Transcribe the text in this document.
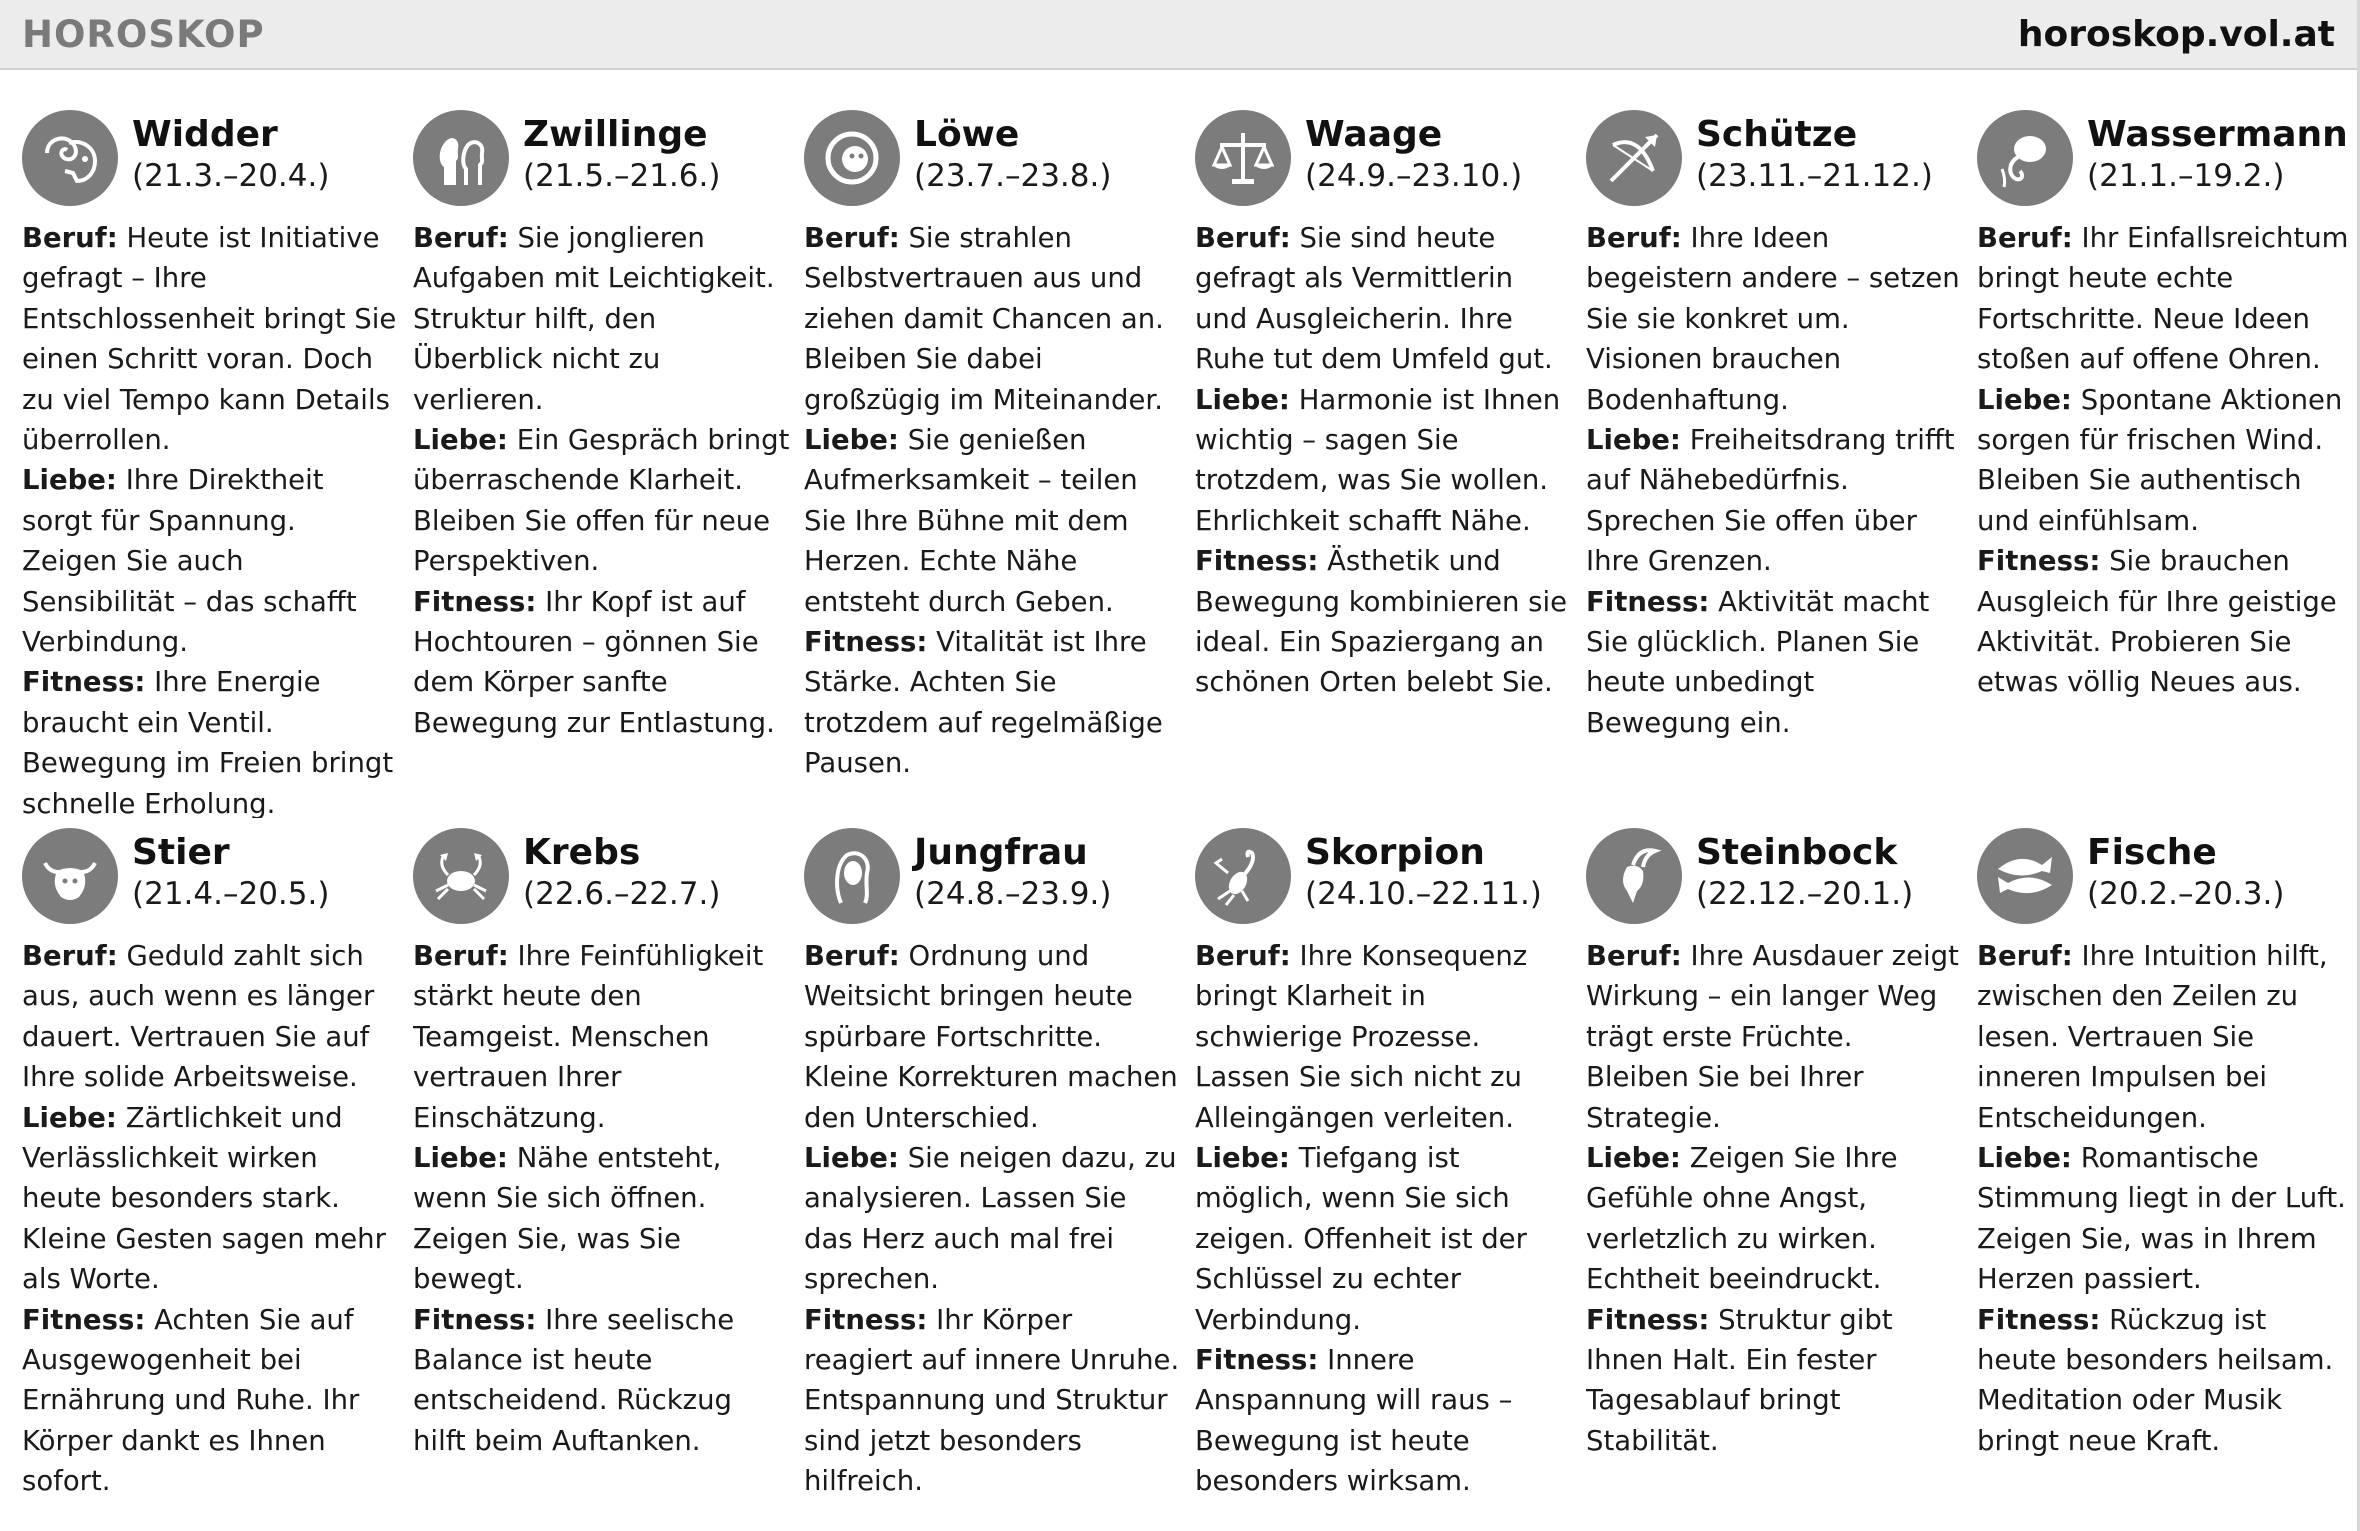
HOROSKOP	horoskop.vol.at
Widder
(21.3.–20.4.)

Beruf: Heute ist Initiative gefragt – Ihre Entschlossenheit bringt Sie einen Schritt voran. Doch zu viel Tempo kann Details überrollen.

Liebe: Ihre Direktheit sorgt für Spannung. Zeigen Sie auch Sensibilität – das schafft Verbindung.

Fitness: Ihre Energie braucht ein Ventil. Bewegung im Freien bringt schnelle Erholung.

Zwillinge
(21.5.–21.6.)

Beruf: Sie jonglieren Aufgaben mit Leichtigkeit. Struktur hilft, den Überblick nicht zu verlieren.

Liebe: Ein Gespräch bringt überraschende Klarheit. Bleiben Sie offen für neue Perspektiven.

Fitness: Ihr Kopf ist auf Hochtouren – gönnen Sie dem Körper sanfte Bewegung zur Entlastung.

Löwe
(23.7.–23.8.)

Beruf: Sie strahlen Selbstvertrauen aus und ziehen damit Chancen an. Bleiben Sie dabei großzügig im Miteinander.

Liebe: Sie genießen Aufmerksamkeit – teilen Sie Ihre Bühne mit dem Herzen. Echte Nähe entsteht durch Geben.

Fitness: Vitalität ist Ihre Stärke. Achten Sie trotzdem auf regelmäßige Pausen.

Waage
(24.9.–23.10.)

Beruf: Sie sind heute gefragt als Vermittlerin und Ausgleicherin. Ihre Ruhe tut dem Umfeld gut.

Liebe: Harmonie ist Ihnen wichtig – sagen Sie trotzdem, was Sie wollen. Ehrlichkeit schafft Nähe.

Fitness: Ästhetik und Bewegung kombinieren sie ideal. Ein Spaziergang an schönen Orten belebt Sie.

Schütze
(23.11.–21.12.)

Beruf: Ihre Ideen begeistern andere – setzen Sie sie konkret um. Visionen brauchen Bodenhaftung.

Liebe: Freiheitsdrang trifft auf Nähebedürfnis. Sprechen Sie offen über Ihre Grenzen.

Fitness: Aktivität macht Sie glücklich. Planen Sie heute unbedingt Bewegung ein.

Wassermann
(21.1.–19.2.)

Beruf: Ihr Einfallsreichtum bringt heute echte Fortschritte. Neue Ideen stoßen auf offene Ohren.

Liebe: Spontane Aktionen sorgen für frischen Wind. Bleiben Sie authentisch und einfühlsam.

Fitness: Sie brauchen Ausgleich für Ihre geistige Aktivität. Probieren Sie etwas völlig Neues aus.

Stier
(21.4.–20.5.)

Beruf: Geduld zahlt sich aus, auch wenn es länger dauert. Vertrauen Sie auf Ihre solide Arbeitsweise.

Liebe: Zärtlichkeit und Verlässlichkeit wirken heute besonders stark. Kleine Gesten sagen mehr als Worte.

Fitness: Achten Sie auf Ausgewogenheit bei Ernährung und Ruhe. Ihr Körper dankt es Ihnen sofort.

Krebs
(22.6.–22.7.)

Beruf: Ihre Feinfühligkeit stärkt heute den Teamgeist. Menschen vertrauen Ihrer Einschätzung.

Liebe: Nähe entsteht, wenn Sie sich öffnen. Zeigen Sie, was Sie bewegt.

Fitness: Ihre seelische Balance ist heute entscheidend. Rückzug hilft beim Auftanken.

Jungfrau
(24.8.–23.9.)

Beruf: Ordnung und Weitsicht bringen heute spürbare Fortschritte. Kleine Korrekturen machen den Unterschied.

Liebe: Sie neigen dazu, zu analysieren. Lassen Sie das Herz auch mal frei sprechen.

Fitness: Ihr Körper reagiert auf innere Unruhe. Entspannung und Struktur sind jetzt besonders hilfreich.

Skorpion
(24.10.–22.11.)

Beruf: Ihre Konsequenz bringt Klarheit in schwierige Prozesse. Lassen Sie sich nicht zu Alleingängen verleiten.

Liebe: Tiefgang ist möglich, wenn Sie sich zeigen. Offenheit ist der Schlüssel zu echter Verbindung.

Fitness: Innere Anspannung will raus – Bewegung ist heute besonders wirksam.

Steinbock
(22.12.–20.1.)

Beruf: Ihre Ausdauer zeigt Wirkung – ein langer Weg trägt erste Früchte. Bleiben Sie bei Ihrer Strategie.

Liebe: Zeigen Sie Ihre Gefühle ohne Angst, verletzlich zu wirken. Echtheit beeindruckt.

Fitness: Struktur gibt Ihnen Halt. Ein fester Tagesablauf bringt Stabilität.

Fische
(20.2.–20.3.)

Beruf: Ihre Intuition hilft, zwischen den Zeilen zu lesen. Vertrauen Sie inneren Impulsen bei Entscheidungen.

Liebe: Romantische Stimmung liegt in der Luft. Zeigen Sie, was in Ihrem Herzen passiert.

Fitness: Rückzug ist heute besonders heilsam. Meditation oder Musik bringt neue Kraft.
